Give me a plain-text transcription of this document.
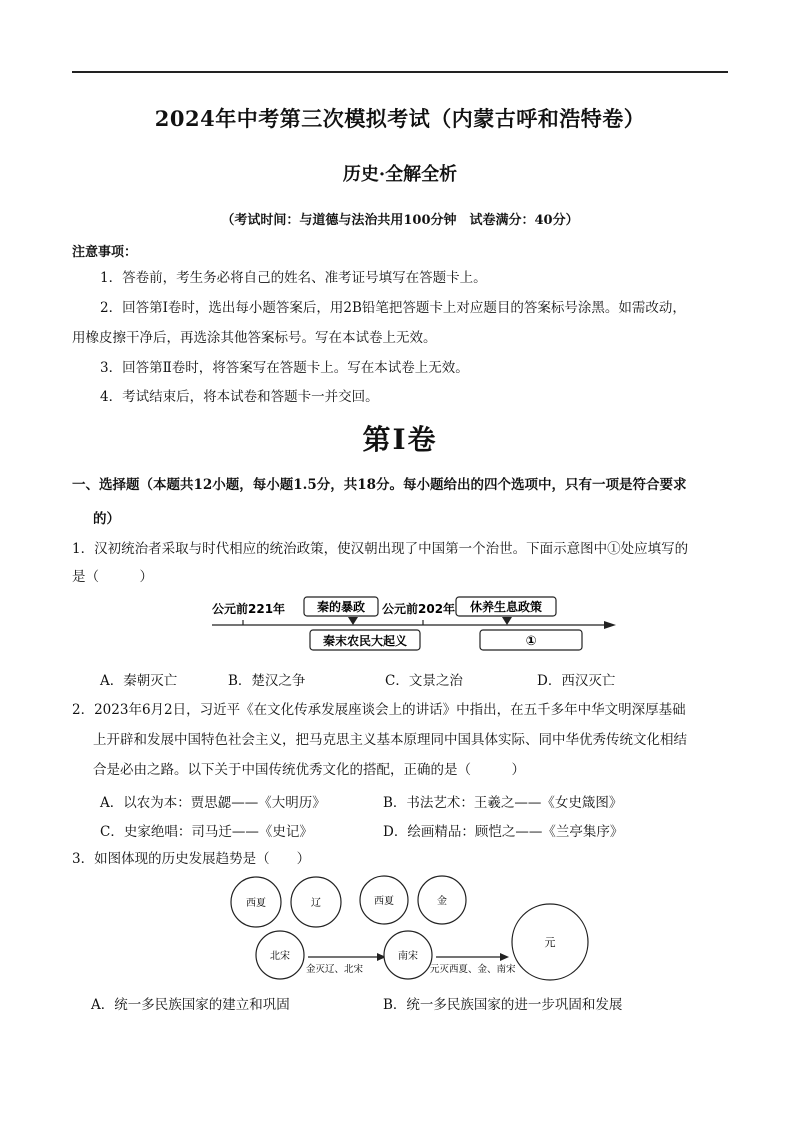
2024年中考第三次模拟考试（内蒙古呼和浩特卷）
历史·全解全析
（考试时间：与道德与法治共用100分钟　试卷满分：40分）
注意事项：
1．答卷前，考生务必将自己的姓名、准考证号填写在答题卡上。
2．回答第Ⅰ卷时，选出每小题答案后，用2B铅笔把答题卡上对应题目的答案标号涂黑。如需改动，
用橡皮擦干净后，再选涂其他答案标号。写在本试卷上无效。
3．回答第Ⅱ卷时，将答案写在答题卡上。写在本试卷上无效。
4．考试结束后，将本试卷和答题卡一并交回。
第Ⅰ卷
一、选择题（本题共12小题，每小题1.5分，共18分。每小题给出的四个选项中，只有一项是符合要求
的）
1．汉初统治者采取与时代相应的统治政策，使汉朝出现了中国第一个治世。下面示意图中①处应填写的
是（　　　）
公元前221年	公元前202年
秦的暴政	休养生息政策
秦末农民大起义	①
A．秦朝灭亡	B．楚汉之争	C．文景之治	D．西汉灭亡
2．2023年6月2日，习近平《在文化传承发展座谈会上的讲话》中指出，在五千多年中华文明深厚基础
上开辟和发展中国特色社会主义，把马克思主义基本原理同中国具体实际、同中华优秀传统文化相结
合是必由之路。以下关于中国传统优秀文化的搭配，正确的是（　　　）
A．以农为本：贾思勰——《大明历》	B．书法艺术：王羲之——《女史箴图》
C．史家绝唱：司马迁——《史记》	D．绘画精品：顾恺之——《兰亭集序》
3．如图体现的历史发展趋势是（　　）
西夏	辽
北宋
金灭辽、北宋
西夏	金
南宋
元灭西夏、金、南宋
元
A．统一多民族国家的建立和巩固	B．统一多民族国家的进一步巩固和发展
